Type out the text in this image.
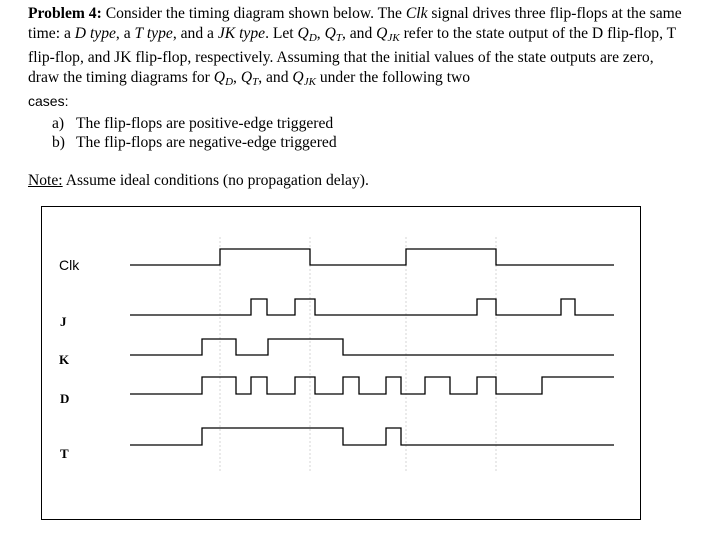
Problem 4: Consider the timing diagram shown below. The Clk signal drives three flip-flops at the same time: a D type, a T type, and a JK type. Let $Q_D$, $Q_T$, and $Q_{JK}$ refer to the state output of the D flip-flop, T flip-flop, and JK flip-flop, respectively. Assuming that the initial values of the state outputs are zero, draw the timing diagrams for $Q_D$, $Q_T$, and $Q_{JK}$ under the following two
cases:
a) The flip-flops are positive-edge triggered
b) The flip-flops are negative-edge triggered
Note: Assume ideal conditions (no propagation delay).
Clk
J
K
D
T
